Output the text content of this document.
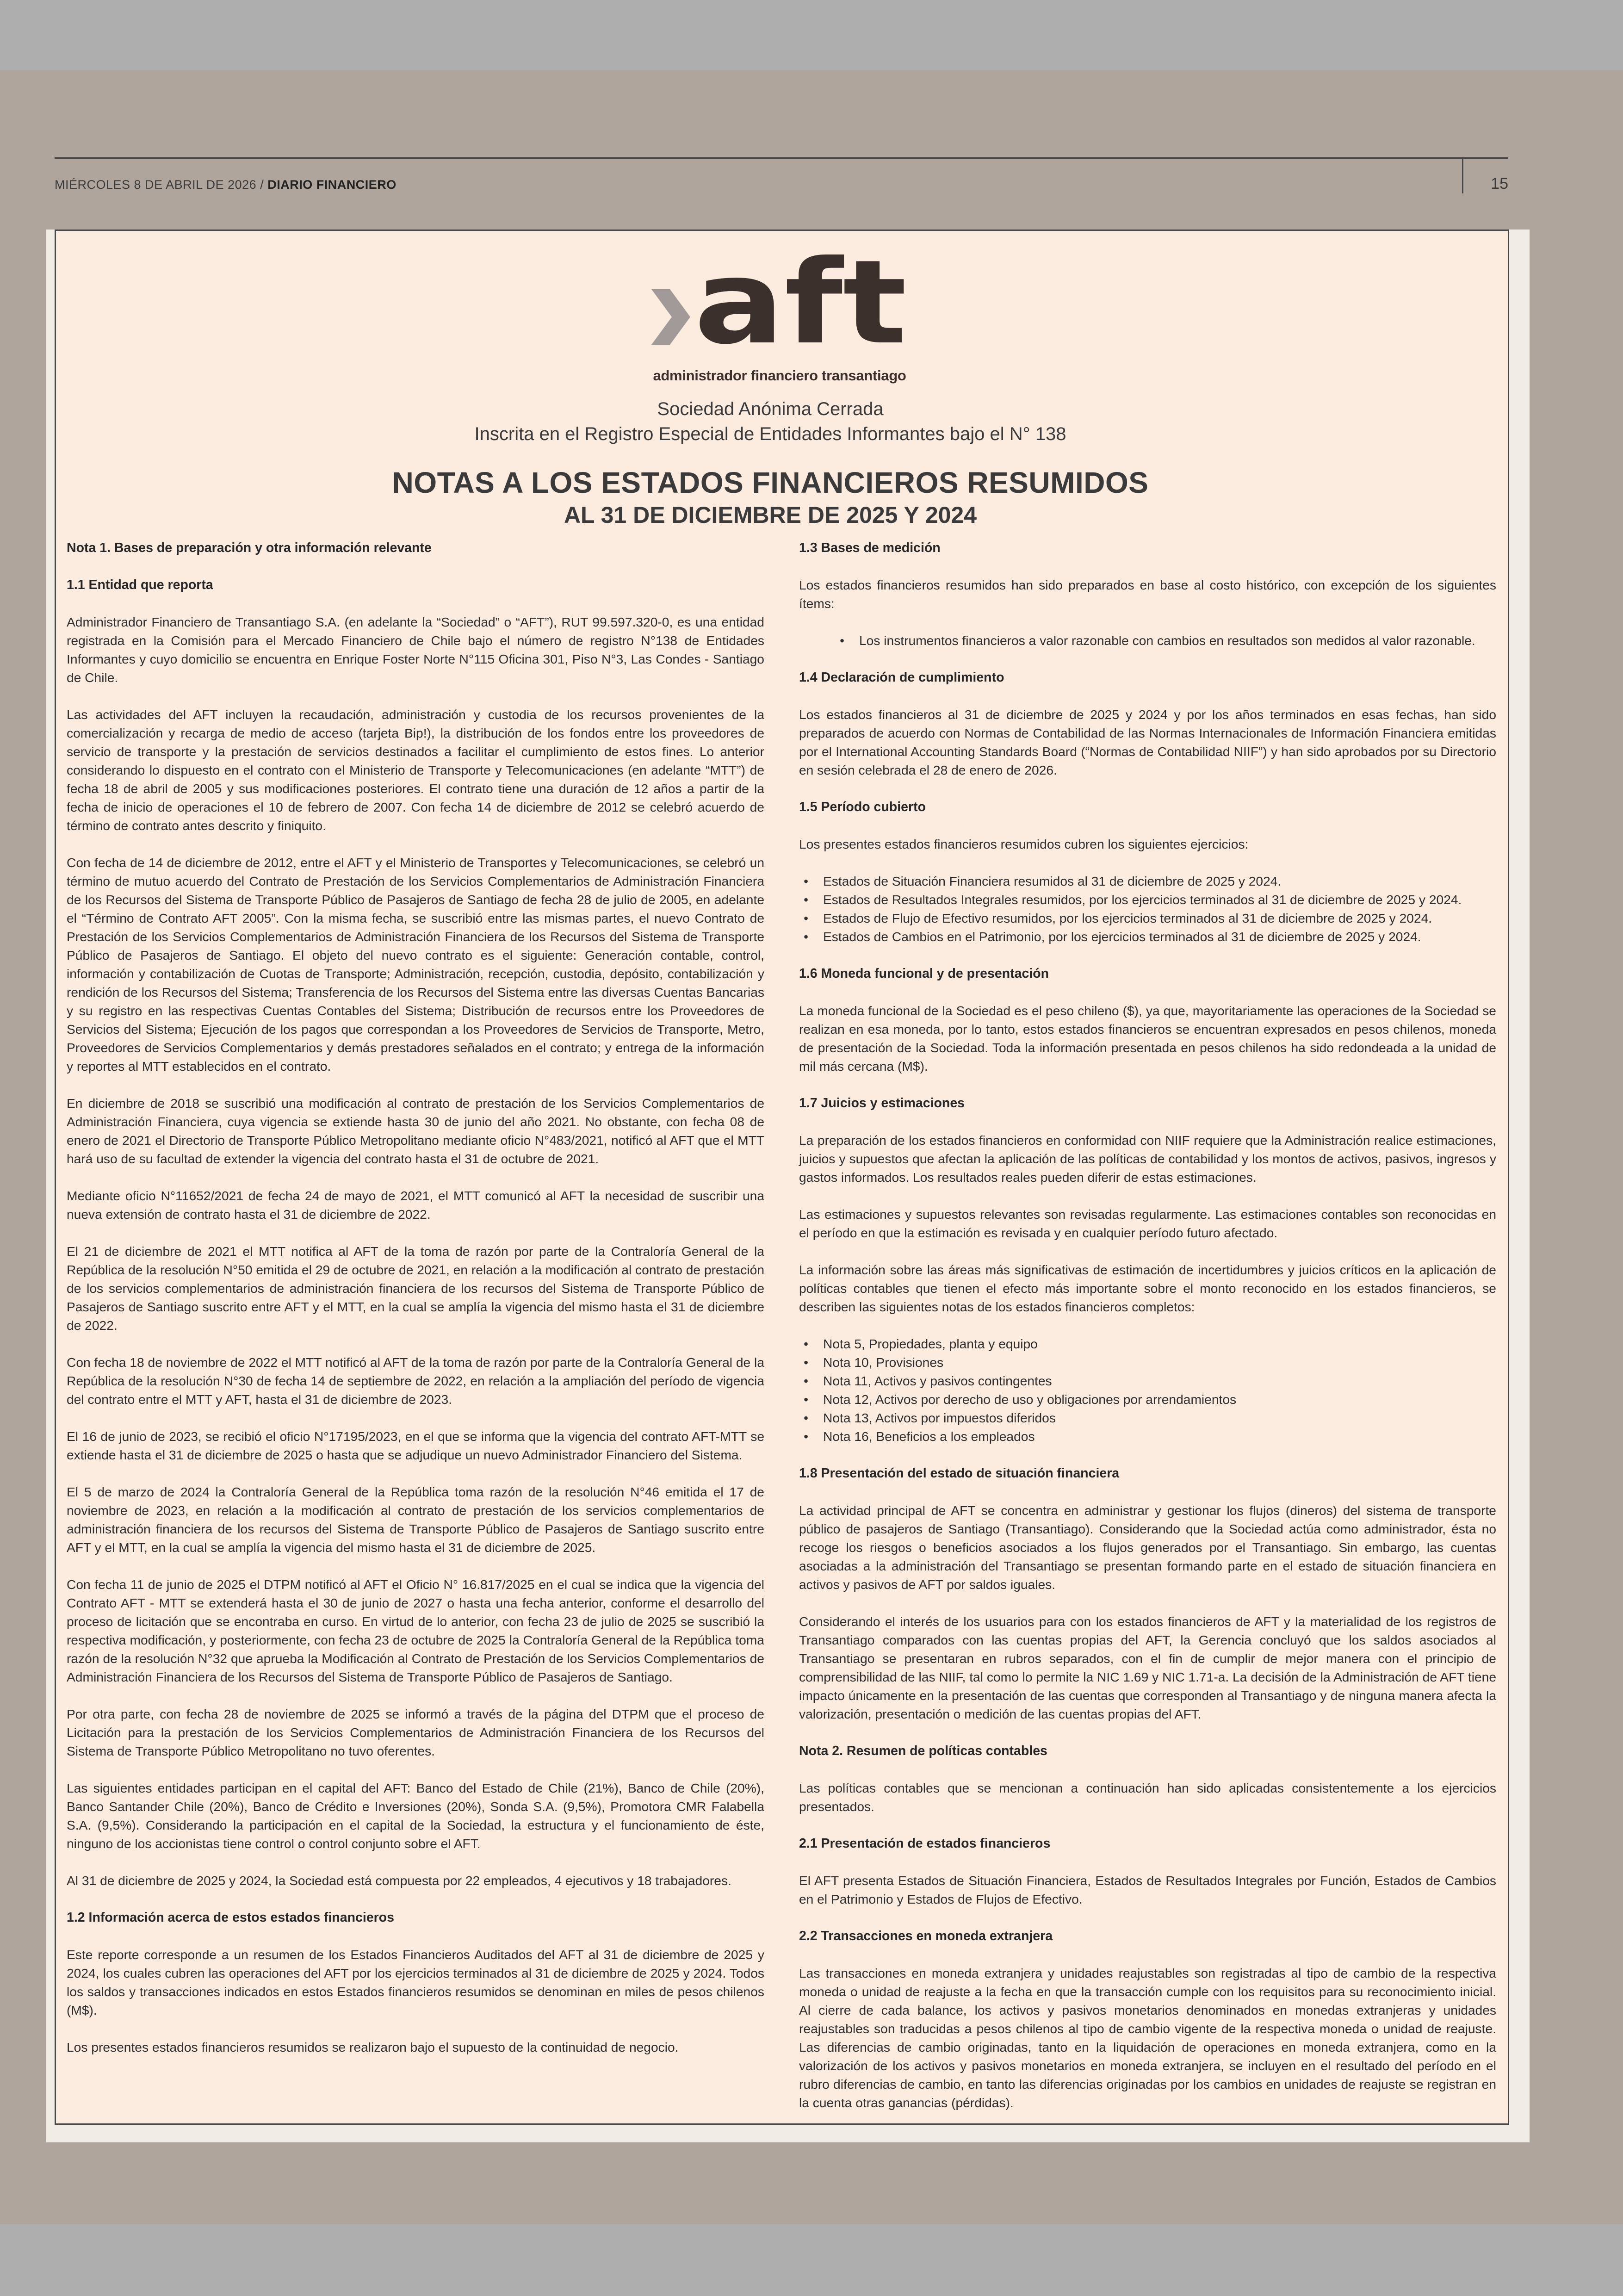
MIÉRCOLES 8 DE ABRIL DE 2026 / DIARIO FINANCIERO	15
aft
administrador financiero transantiago
Sociedad Anónima Cerrada
Inscrita en el Registro Especial de Entidades Informantes bajo el N° 138
NOTAS A LOS ESTADOS FINANCIEROS RESUMIDOS
AL 31 DE DICIEMBRE DE 2025 Y 2024
Nota 1. Bases de preparación y otra información relevante
1.1 Entidad que reporta

Administrador Financiero de Transantiago S.A. (en adelante la “Sociedad” o “AFT”), RUT 99.597.320-0, es una entidad registrada en la Comisión para el Mercado Financiero de Chile bajo el número de registro N°138 de Entidades Informantes y cuyo domicilio se encuentra en Enrique Foster Norte N°115 Oficina 301, Piso N°3, Las Condes - Santiago de Chile.

Las actividades del AFT incluyen la recaudación, administración y custodia de los recursos provenientes de la comercialización y recarga de medio de acceso (tarjeta Bip!), la distribución de los fondos entre los proveedores de servicio de transporte y la prestación de servicios destinados a facilitar el cumplimiento de estos fines. Lo anterior considerando lo dispuesto en el contrato con el Ministerio de Transporte y Telecomunicaciones (en adelante “MTT”) de fecha 18 de abril de 2005 y sus modificaciones posteriores. El contrato tiene una duración de 12 años a partir de la fecha de inicio de operaciones el 10 de febrero de 2007. Con fecha 14 de diciembre de 2012 se celebró acuerdo de término de contrato antes descrito y finiquito.

Con fecha de 14 de diciembre de 2012, entre el AFT y el Ministerio de Transportes y Telecomunicaciones, se celebró un término de mutuo acuerdo del Contrato de Prestación de los Servicios Complementarios de Administración Financiera de los Recursos del Sistema de Transporte Público de Pasajeros de Santiago de fecha 28 de julio de 2005, en adelante el “Término de Contrato AFT 2005”. Con la misma fecha, se suscribió entre las mismas partes, el nuevo Contrato de Prestación de los Servicios Complementarios de Administración Financiera de los Recursos del Sistema de Transporte Público de Pasajeros de Santiago. El objeto del nuevo contrato es el siguiente: Generación contable, control, información y contabilización de Cuotas de Transporte; Administración, recepción, custodia, depósito, contabilización y rendición de los Recursos del Sistema; Transferencia de los Recursos del Sistema entre las diversas Cuentas Bancarias y su registro en las respectivas Cuentas Contables del Sistema; Distribución de recursos entre los Proveedores de Servicios del Sistema; Ejecución de los pagos que correspondan a los Proveedores de Servicios de Transporte, Metro, Proveedores de Servicios Complementarios y demás prestadores señalados en el contrato; y entrega de la información y reportes al MTT establecidos en el contrato.

En diciembre de 2018 se suscribió una modificación al contrato de prestación de los Servicios Complementarios de Administración Financiera, cuya vigencia se extiende hasta 30 de junio del año 2021. No obstante, con fecha 08 de enero de 2021 el Directorio de Transporte Público Metropolitano mediante oficio N°483/2021, notificó al AFT que el MTT hará uso de su facultad de extender la vigencia del contrato hasta el 31 de octubre de 2021.

Mediante oficio N°11652/2021 de fecha 24 de mayo de 2021, el MTT comunicó al AFT la necesidad de suscribir una nueva extensión de contrato hasta el 31 de diciembre de 2022.

El 21 de diciembre de 2021 el MTT notifica al AFT de la toma de razón por parte de la Contraloría General de la República de la resolución N°50 emitida el 29 de octubre de 2021, en relación a la modificación al contrato de prestación de los servicios complementarios de administración financiera de los recursos del Sistema de Transporte Público de Pasajeros de Santiago suscrito entre AFT y el MTT, en la cual se amplía la vigencia del mismo hasta el 31 de diciembre de 2022.

Con fecha 18 de noviembre de 2022 el MTT notificó al AFT de la toma de razón por parte de la Contraloría General de la República de la resolución N°30 de fecha 14 de septiembre de 2022, en relación a la ampliación del período de vigencia del contrato entre el MTT y AFT, hasta el 31 de diciembre de 2023.

El 16 de junio de 2023, se recibió el oficio N°17195/2023, en el que se informa que la vigencia del contrato AFT-MTT se extiende hasta el 31 de diciembre de 2025 o hasta que se adjudique un nuevo Administrador Financiero del Sistema.

El 5 de marzo de 2024 la Contraloría General de la República toma razón de la resolución N°46 emitida el 17 de noviembre de 2023, en relación a la modificación al contrato de prestación de los servicios complementarios de administración financiera de los recursos del Sistema de Transporte Público de Pasajeros de Santiago suscrito entre AFT y el MTT, en la cual se amplía la vigencia del mismo hasta el 31 de diciembre de 2025.

Con fecha 11 de junio de 2025 el DTPM notificó al AFT el Oficio N° 16.817/2025 en el cual se indica que la vigencia del Contrato AFT - MTT se extenderá hasta el 30 de junio de 2027 o hasta una fecha anterior, conforme el desarrollo del proceso de licitación que se encontraba en curso. En virtud de lo anterior, con fecha 23 de julio de 2025 se suscribió la respectiva modificación, y posteriormente, con fecha 23 de octubre de 2025 la Contraloría General de la República toma razón de la resolución N°32 que aprueba la Modificación al Contrato de Prestación de los Servicios Complementarios de Administración Financiera de los Recursos del Sistema de Transporte Público de Pasajeros de Santiago.

Por otra parte, con fecha 28 de noviembre de 2025 se informó a través de la página del DTPM que el proceso de Licitación para la prestación de los Servicios Complementarios de Administración Financiera de los Recursos del Sistema de Transporte Público Metropolitano no tuvo oferentes.

Las siguientes entidades participan en el capital del AFT: Banco del Estado de Chile (21%), Banco de Chile (20%), Banco Santander Chile (20%), Banco de Crédito e Inversiones (20%), Sonda S.A. (9,5%), Promotora CMR Falabella S.A. (9,5%). Considerando la participación en el capital de la Sociedad, la estructura y el funcionamiento de éste, ninguno de los accionistas tiene control o control conjunto sobre el AFT.

Al 31 de diciembre de 2025 y 2024, la Sociedad está compuesta por 22 empleados, 4 ejecutivos y 18 trabajadores.

1.2 Información acerca de estos estados financieros

Este reporte corresponde a un resumen de los Estados Financieros Auditados del AFT al 31 de diciembre de 2025 y 2024, los cuales cubren las operaciones del AFT por los ejercicios terminados al 31 de diciembre de 2025 y 2024. Todos los saldos y transacciones indicados en estos Estados financieros resumidos se denominan en miles de pesos chilenos (M$).

Los presentes estados financieros resumidos se realizaron bajo el supuesto de la continuidad de negocio.

1.3 Bases de medición

Los estados financieros resumidos han sido preparados en base al costo histórico, con excepción de los siguientes ítems:

• Los instrumentos financieros a valor razonable con cambios en resultados son medidos al valor razonable.
1.4 Declaración de cumplimiento

Los estados financieros al 31 de diciembre de 2025 y 2024 y por los años terminados en esas fechas, han sido preparados de acuerdo con Normas de Contabilidad de las Normas Internacionales de Información Financiera emitidas por el International Accounting Standards Board (“Normas de Contabilidad NIIF”) y han sido aprobados por su Directorio en sesión celebrada el 28 de enero de 2026.

1.5 Período cubierto

Los presentes estados financieros resumidos cubren los siguientes ejercicios:

• Estados de Situación Financiera resumidos al 31 de diciembre de 2025 y 2024.
• Estados de Resultados Integrales resumidos, por los ejercicios terminados al 31 de diciembre de 2025 y 2024.
• Estados de Flujo de Efectivo resumidos, por los ejercicios terminados al 31 de diciembre de 2025 y 2024.
• Estados de Cambios en el Patrimonio, por los ejercicios terminados al 31 de diciembre de 2025 y 2024.
1.6 Moneda funcional y de presentación

La moneda funcional de la Sociedad es el peso chileno ($), ya que, mayoritariamente las operaciones de la Sociedad se realizan en esa moneda, por lo tanto, estos estados financieros se encuentran expresados en pesos chilenos, moneda de presentación de la Sociedad. Toda la información presentada en pesos chilenos ha sido redondeada a la unidad de mil más cercana (M$).

1.7 Juicios y estimaciones

La preparación de los estados financieros en conformidad con NIIF requiere que la Administración realice estimaciones, juicios y supuestos que afectan la aplicación de las políticas de contabilidad y los montos de activos, pasivos, ingresos y gastos informados. Los resultados reales pueden diferir de estas estimaciones.

Las estimaciones y supuestos relevantes son revisadas regularmente. Las estimaciones contables son reconocidas en el período en que la estimación es revisada y en cualquier período futuro afectado.

La información sobre las áreas más significativas de estimación de incertidumbres y juicios críticos en la aplicación de políticas contables que tienen el efecto más importante sobre el monto reconocido en los estados financieros, se describen las siguientes notas de los estados financieros completos:

• Nota 5, Propiedades, planta y equipo
• Nota 10, Provisiones
• Nota 11, Activos y pasivos contingentes
• Nota 12, Activos por derecho de uso y obligaciones por arrendamientos
• Nota 13, Activos por impuestos diferidos
• Nota 16, Beneficios a los empleados
1.8 Presentación del estado de situación financiera

La actividad principal de AFT se concentra en administrar y gestionar los flujos (dineros) del sistema de transporte público de pasajeros de Santiago (Transantiago). Considerando que la Sociedad actúa como administrador, ésta no recoge los riesgos o beneficios asociados a los flujos generados por el Transantiago. Sin embargo, las cuentas asociadas a la administración del Transantiago se presentan formando parte en el estado de situación financiera en activos y pasivos de AFT por saldos iguales.

Considerando el interés de los usuarios para con los estados financieros de AFT y la materialidad de los registros de Transantiago comparados con las cuentas propias del AFT, la Gerencia concluyó que los saldos asociados al Transantiago se presentaran en rubros separados, con el fin de cumplir de mejor manera con el principio de comprensibilidad de las NIIF, tal como lo permite la NIC 1.69 y NIC 1.71-a. La decisión de la Administración de AFT tiene impacto únicamente en la presentación de las cuentas que corresponden al Transantiago y de ninguna manera afecta la valorización, presentación o medición de las cuentas propias del AFT.

Nota 2. Resumen de políticas contables

Las políticas contables que se mencionan a continuación han sido aplicadas consistentemente a los ejercicios presentados.

2.1 Presentación de estados financieros

El AFT presenta Estados de Situación Financiera, Estados de Resultados Integrales por Función, Estados de Cambios en el Patrimonio y Estados de Flujos de Efectivo.

2.2 Transacciones en moneda extranjera

Las transacciones en moneda extranjera y unidades reajustables son registradas al tipo de cambio de la respectiva moneda o unidad de reajuste a la fecha en que la transacción cumple con los requisitos para su reconocimiento inicial. Al cierre de cada balance, los activos y pasivos monetarios denominados en monedas extranjeras y unidades reajustables son traducidas a pesos chilenos al tipo de cambio vigente de la respectiva moneda o unidad de reajuste. Las diferencias de cambio originadas, tanto en la liquidación de operaciones en moneda extranjera, como en la valorización de los activos y pasivos monetarios en moneda extranjera, se incluyen en el resultado del período en el rubro diferencias de cambio, en tanto las diferencias originadas por los cambios en unidades de reajuste se registran en la cuenta otras ganancias (pérdidas).
